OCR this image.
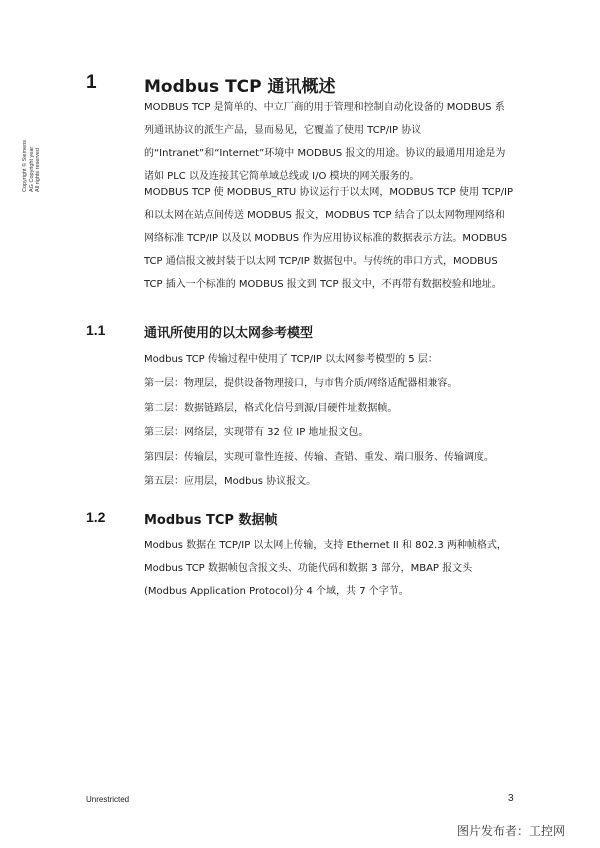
Copyright © Siemens AG Copyright year All rights reserved
1	Modbus TCP 通讯概述

MODBUS TCP 是简单的、中立厂商的用于管理和控制自动化设备的 MODBUS 系列通讯协议的派生产品，显而易见，它覆盖了使用 TCP/IP 协议的“Intranet”和“Internet”环境中 MODBUS 报文的用途。协议的最通用用途是为诸如 PLC 以及连接其它简单域总线或 I/O 模块的网关服务的。

MODBUS TCP 使 MODBUS_RTU 协议运行于以太网，MODBUS TCP 使用 TCP/IP 和以太网在站点间传送 MODBUS 报文，MODBUS TCP 结合了以太网物理网络和网络标准 TCP/IP 以及以 MODBUS 作为应用协议标准的数据表示方法。MODBUS TCP 通信报文被封装于以太网 TCP/IP 数据包中。与传统的串口方式，MODBUS TCP 插入一个标准的 MODBUS 报文到 TCP 报文中，不再带有数据校验和地址。

1.1	通讯所使用的以太网参考模型

Modbus TCP 传输过程中使用了 TCP/IP 以太网参考模型的 5 层：

第一层：物理层，提供设备物理接口，与市售介质/网络适配器相兼容。

第二层：数据链路层，格式化信号到源/目硬件址数据帧。

第三层：网络层，实现带有 32 位 IP 地址报文包。

第四层：传输层，实现可靠性连接、传输、查错、重发、端口服务、传输调度。

第五层：应用层，Modbus 协议报文。

1.2	Modbus TCP 数据帧

Modbus 数据在 TCP/IP 以太网上传输，支持 Ethernet II 和 802.3 两种帧格式，Modbus TCP 数据帧包含报文头、功能代码和数据 3 部分，MBAP 报文头 (Modbus Application Protocol)分 4 个域，共 7 个字节。

Unrestricted	3
图片发布者：工控网
